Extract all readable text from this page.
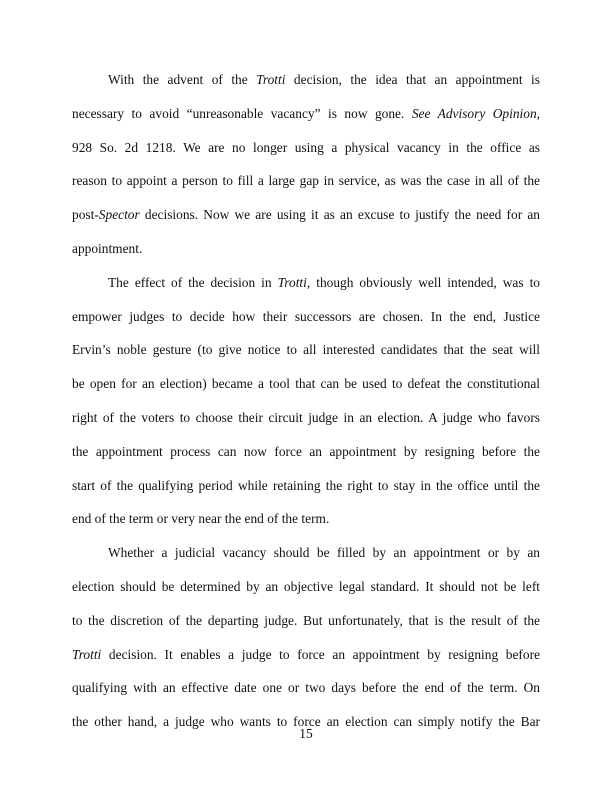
With the advent of the Trotti decision, the idea that an appointment is
necessary to avoid “unreasonable vacancy” is now gone. See Advisory Opinion,
928 So. 2d 1218. We are no longer using a physical vacancy in the office as
reason to appoint a person to fill a large gap in service, as was the case in all of the
post-Spector decisions. Now we are using it as an excuse to justify the need for an
appointment.
The effect of the decision in Trotti, though obviously well intended, was to
empower judges to decide how their successors are chosen. In the end, Justice
Ervin’s noble gesture (to give notice to all interested candidates that the seat will
be open for an election) became a tool that can be used to defeat the constitutional
right of the voters to choose their circuit judge in an election. A judge who favors
the appointment process can now force an appointment by resigning before the
start of the qualifying period while retaining the right to stay in the office until the
end of the term or very near the end of the term.
Whether a judicial vacancy should be filled by an appointment or by an
election should be determined by an objective legal standard. It should not be left
to the discretion of the departing judge. But unfortunately, that is the result of the
Trotti decision. It enables a judge to force an appointment by resigning before
qualifying with an effective date one or two days before the end of the term. On
the other hand, a judge who wants to force an election can simply notify the Bar
15
